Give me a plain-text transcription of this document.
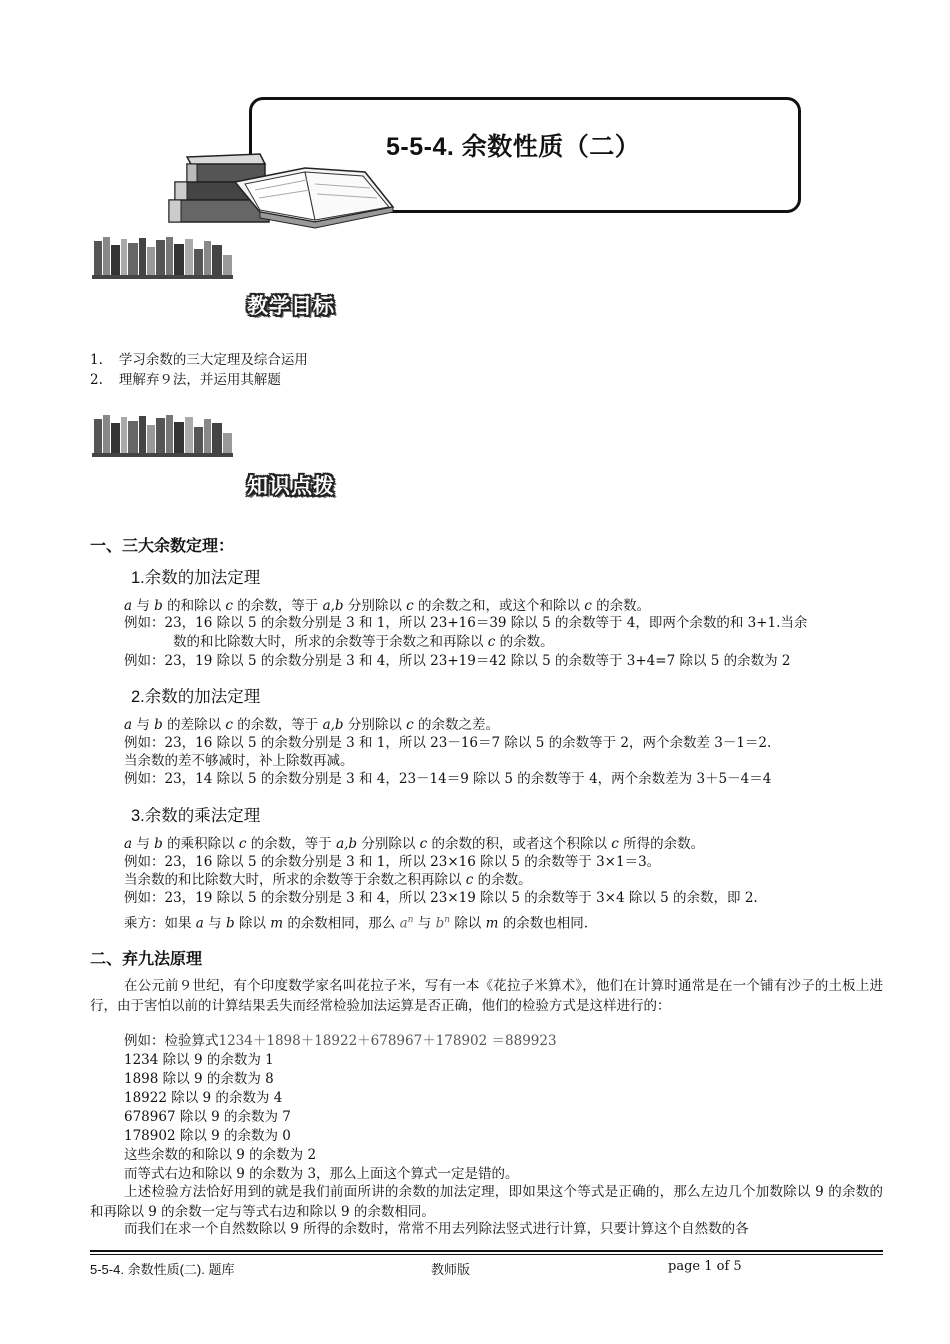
5-5-4. 余数性质（二）
教学目标
1. 学习余数的三大定理及综合运用
2. 理解弃９法，并运用其解题
知识点拨
一、三大余数定理：
1.余数的加法定理
a 与 b 的和除以 c 的余数，等于 a,b 分别除以 c 的余数之和，或这个和除以 c 的余数。
例如：23，16 除以 5 的余数分别是 3 和 1，所以 23+16＝39 除以 5 的余数等于 4，即两个余数的和 3+1.当余
数的和比除数大时，所求的余数等于余数之和再除以 c 的余数。
例如：23，19 除以 5 的余数分别是 3 和 4，所以 23+19＝42 除以 5 的余数等于 3+4=7 除以 5 的余数为 2
2.余数的加法定理
a 与 b 的差除以 c 的余数，等于 a,b 分别除以 c 的余数之差。
例如：23，16 除以 5 的余数分别是 3 和 1，所以 23－16＝7 除以 5 的余数等于 2，两个余数差 3－1＝2.
当余数的差不够减时，补上除数再减。
例如：23，14 除以 5 的余数分别是 3 和 4，23－14＝9 除以 5 的余数等于 4，两个余数差为 3＋5－4＝4
3.余数的乘法定理
a 与 b 的乘积除以 c 的余数，等于 a,b 分别除以 c 的余数的积，或者这个积除以 c 所得的余数。
例如：23，16 除以 5 的余数分别是 3 和 1，所以 23×16 除以 5 的余数等于 3×1＝3。
当余数的和比除数大时，所求的余数等于余数之积再除以 c 的余数。
例如：23，19 除以 5 的余数分别是 3 和 4，所以 23×19 除以 5 的余数等于 3×4 除以 5 的余数，即 2.
乘方：如果 a 与 b 除以 m 的余数相同，那么 $a^n$ 与 $b^n$ 除以 m 的余数也相同.
二、弃九法原理
在公元前９世纪，有个印度数学家名叫花拉子米，写有一本《花拉子米算术》，他们在计算时通常是在一个铺有沙子的土板上进行，由于害怕以前的计算结果丢失而经常检验加法运算是否正确，他们的检验方式是这样进行的：
例如：检验算式1234＋1898＋18922＋678967＋178902 ＝889923
1234 除以 9 的余数为 1
1898 除以 9 的余数为 8
18922 除以 9 的余数为 4
678967 除以 9 的余数为 7
178902 除以 9 的余数为 0
这些余数的和除以 9 的余数为 2
而等式右边和除以 9 的余数为 3，那么上面这个算式一定是错的。
上述检验方法恰好用到的就是我们前面所讲的余数的加法定理，即如果这个等式是正确的，那么左边几个加数除以 9 的余数的和再除以 9 的余数一定与等式右边和除以 9 的余数相同。
而我们在求一个自然数除以 9 所得的余数时，常常不用去列除法竖式进行计算，只要计算这个自然数的各
5-5-4. 余数性质(二). 题库	教师版	page 1 of 5
